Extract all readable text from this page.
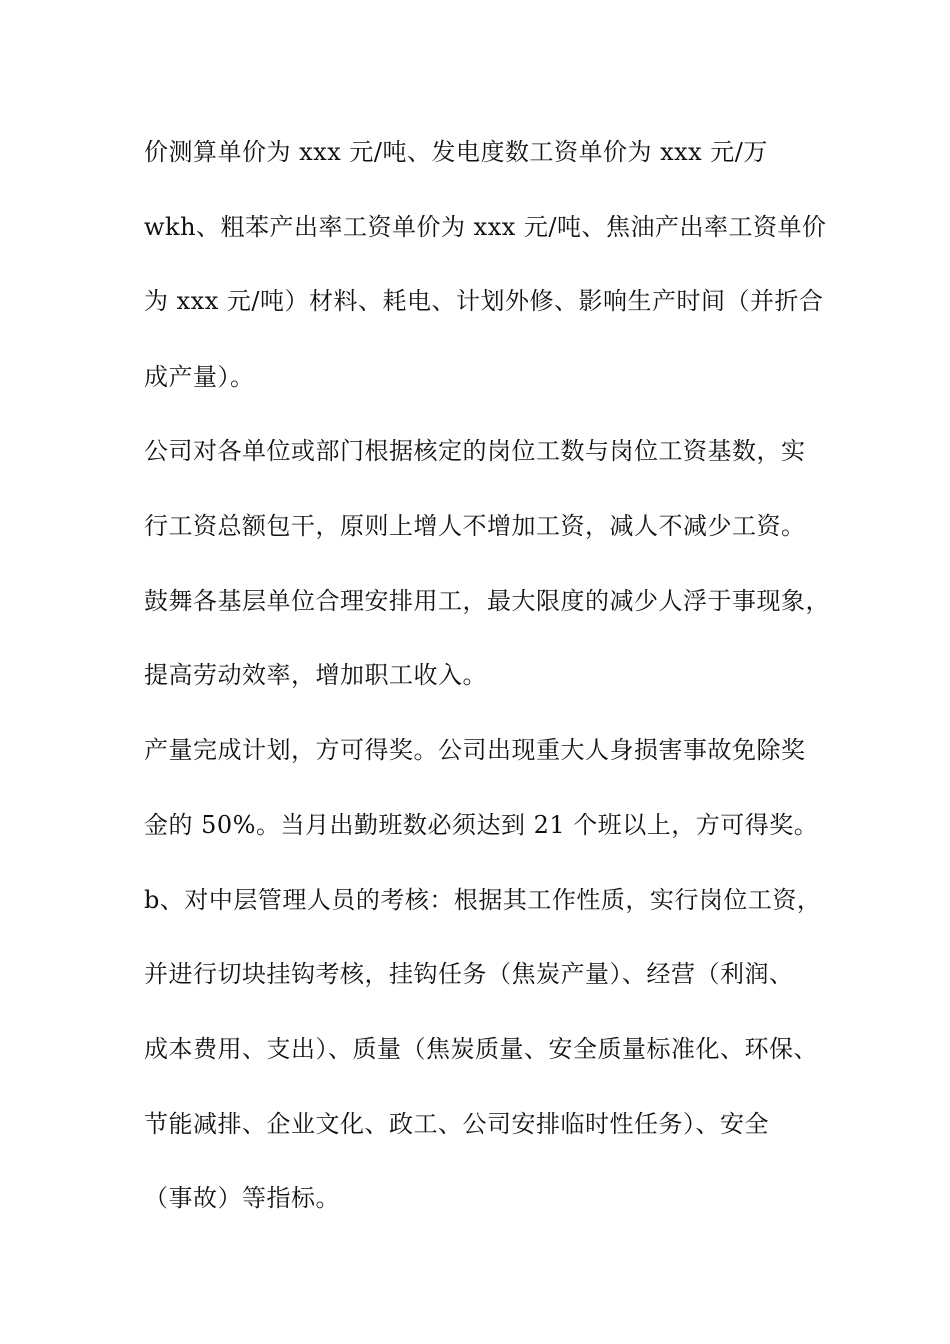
价测算单价为 xxx 元/吨、发电度数工资单价为 xxx 元/万
wkh、粗苯产出率工资单价为 xxx 元/吨、焦油产出率工资单价
为 xxx 元/吨）材料、耗电、计划外修、影响生产时间（并折合
成产量）。
公司对各单位或部门根据核定的岗位工数与岗位工资基数，实
行工资总额包干，原则上增人不增加工资，减人不减少工资。
鼓舞各基层单位合理安排用工，最大限度的减少人浮于事现象，
提高劳动效率，增加职工收入。
产量完成计划，方可得奖。公司出现重大人身损害事故免除奖
金的 50%。当月出勤班数必须达到 21 个班以上，方可得奖。
b、对中层管理人员的考核：根据其工作性质，实行岗位工资，
并进行切块挂钩考核，挂钩任务（焦炭产量）、经营（利润、
成本费用、支出）、质量（焦炭质量、安全质量标准化、环保、
节能减排、企业文化、政工、公司安排临时性任务）、安全
（事故）等指标。
